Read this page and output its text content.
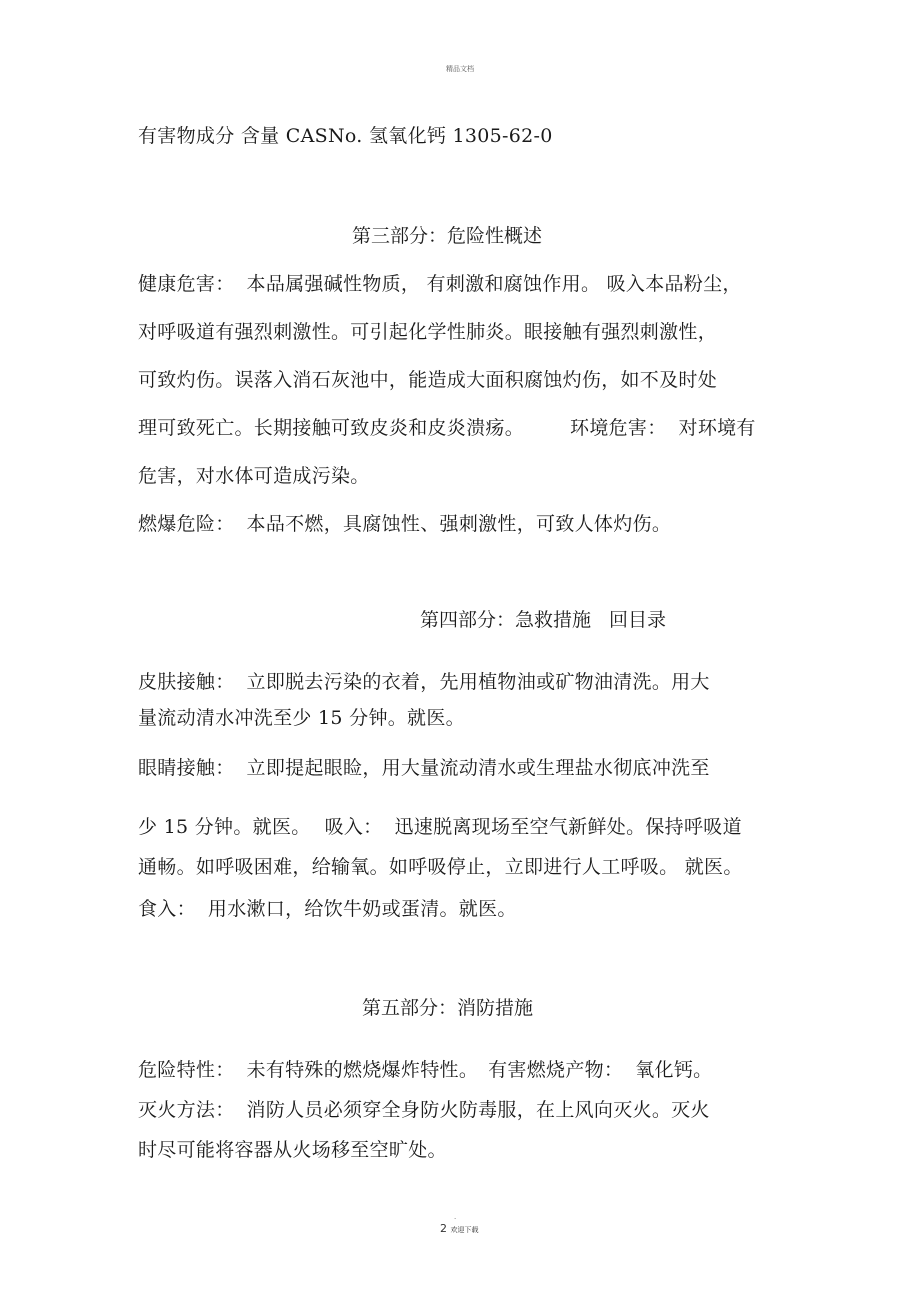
精品文档
有害物成分 含量 CASNo. 氢氧化钙 1305-62-0
第三部分：危险性概述
健康危害： 本品属强碱性物质， 有刺激和腐蚀作用。 吸入本品粉尘，
对呼吸道有强烈刺激性。可引起化学性肺炎。眼接触有强烈刺激性，
可致灼伤。误落入消石灰池中，能造成大面积腐蚀灼伤，如不及时处
理可致死亡。长期接触可致皮炎和皮炎溃疡。 环境危害： 对环境有
危害，对水体可造成污染。
燃爆危险： 本品不燃，具腐蚀性、强刺激性，可致人体灼伤。
第四部分：急救措施 回目录
皮肤接触： 立即脱去污染的衣着，先用植物油或矿物油清洗。用大
量流动清水冲洗至少 15 分钟。就医。
眼睛接触： 立即提起眼睑，用大量流动清水或生理盐水彻底冲洗至
少 15 分钟。就医。 吸入： 迅速脱离现场至空气新鲜处。保持呼吸道
通畅。如呼吸困难，给输氧。如呼吸停止，立即进行人工呼吸。 就医。
食入： 用水漱口，给饮牛奶或蛋清。就医。
第五部分：消防措施
危险特性： 未有特殊的燃烧爆炸特性。 有害燃烧产物： 氧化钙。
灭火方法： 消防人员必须穿全身防火防毒服，在上风向灭火。灭火
时尽可能将容器从火场移至空旷处。
.
2 欢迎下载
